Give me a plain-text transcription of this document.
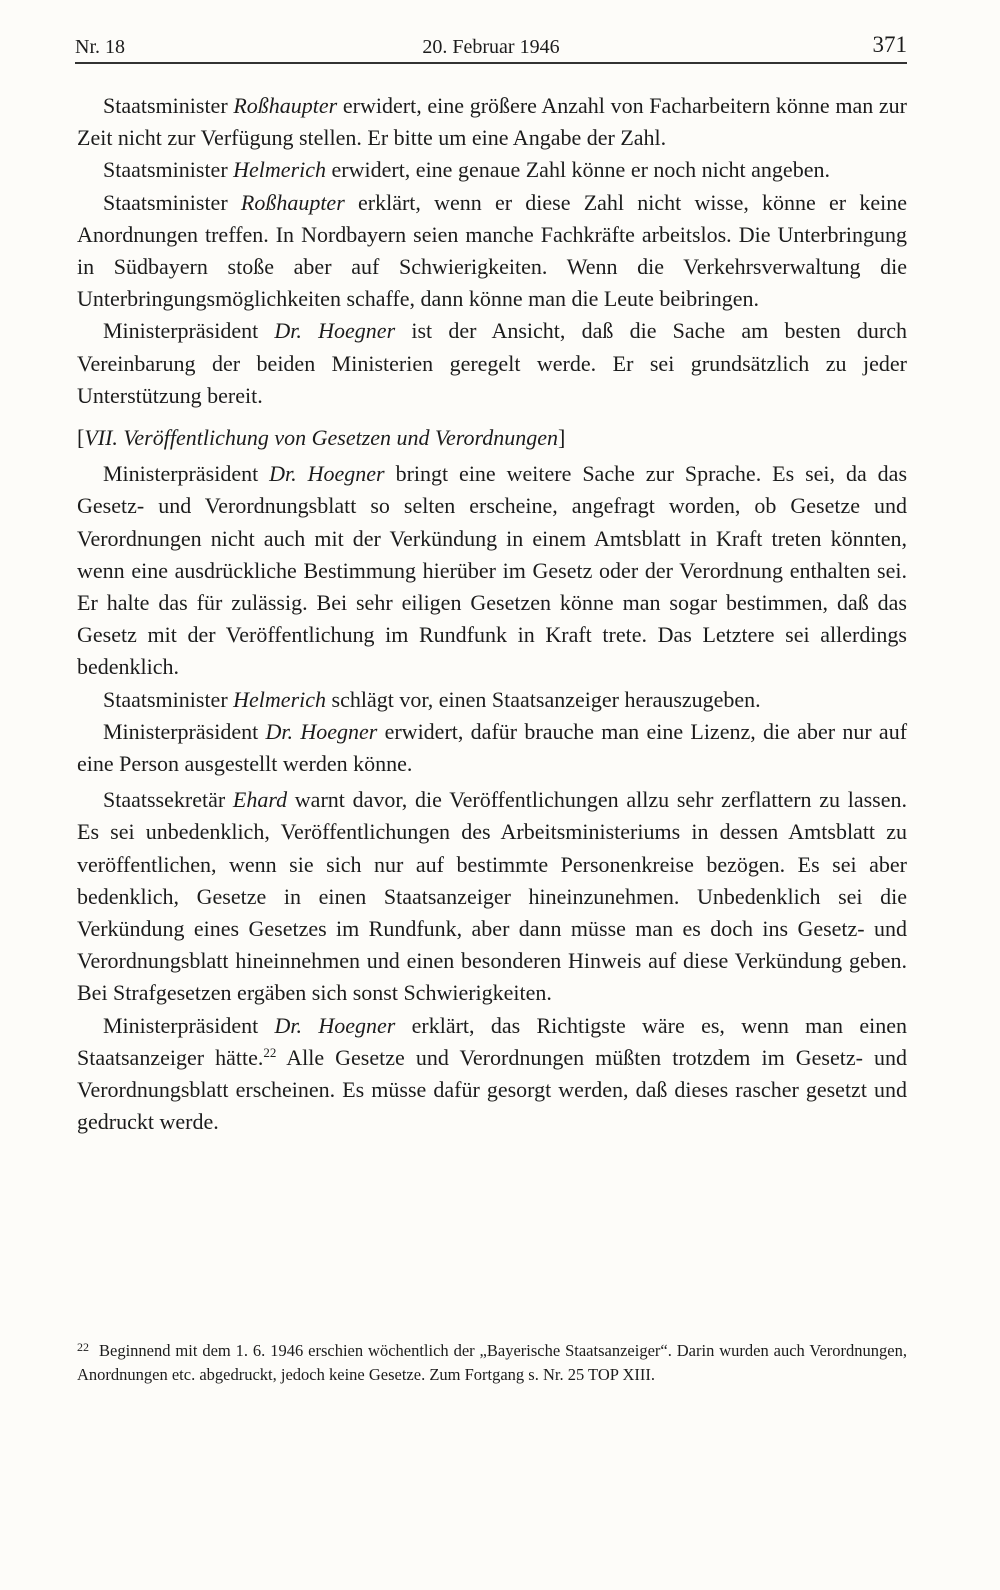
Nr. 18	20. Februar 1946	371

Staatsminister Roßhaupter erwidert, eine größere Anzahl von Facharbeitern könne man zur Zeit nicht zur Verfügung stellen. Er bitte um eine Angabe der Zahl.

Staatsminister Helmerich erwidert, eine genaue Zahl könne er noch nicht angeben.

Staatsminister Roßhaupter erklärt, wenn er diese Zahl nicht wisse, könne er keine Anordnungen treffen. In Nordbayern seien manche Fachkräfte arbeitslos. Die Unterbringung in Südbayern stoße aber auf Schwierigkeiten. Wenn die Verkehrsverwaltung die Unterbringungsmöglichkeiten schaffe, dann könne man die Leute beibringen.

Ministerpräsident Dr. Hoegner ist der Ansicht, daß die Sache am besten durch Vereinbarung der beiden Ministerien geregelt werde. Er sei grundsätzlich zu jeder Unterstützung bereit.

[VII. Veröffentlichung von Gesetzen und Verordnungen]

Ministerpräsident Dr. Hoegner bringt eine weitere Sache zur Sprache. Es sei, da das Gesetz- und Verordnungsblatt so selten erscheine, angefragt worden, ob Gesetze und Verordnungen nicht auch mit der Verkündung in einem Amtsblatt in Kraft treten könnten, wenn eine ausdrückliche Bestimmung hierüber im Gesetz oder der Verordnung enthalten sei. Er halte das für zulässig. Bei sehr eiligen Gesetzen könne man sogar bestimmen, daß das Gesetz mit der Veröffentlichung im Rundfunk in Kraft trete. Das Letztere sei allerdings bedenklich.

Staatsminister Helmerich schlägt vor, einen Staatsanzeiger herauszugeben.

Ministerpräsident Dr. Hoegner erwidert, dafür brauche man eine Lizenz, die aber nur auf eine Person ausgestellt werden könne.

Staatssekretär Ehard warnt davor, die Veröffentlichungen allzu sehr zerflattern zu lassen. Es sei unbedenklich, Veröffentlichungen des Arbeitsministeriums in dessen Amtsblatt zu veröffentlichen, wenn sie sich nur auf bestimmte Personenkreise bezögen. Es sei aber bedenklich, Gesetze in einen Staatsanzeiger hineinzunehmen. Unbedenklich sei die Verkündung eines Gesetzes im Rundfunk, aber dann müsse man es doch ins Gesetz- und Verordnungsblatt hineinnehmen und einen besonderen Hinweis auf diese Verkündung geben. Bei Strafgesetzen ergäben sich sonst Schwierigkeiten.

Ministerpräsident Dr. Hoegner erklärt, das Richtigste wäre es, wenn man einen Staatsanzeiger hätte.$^{22}$ Alle Gesetze und Verordnungen müßten trotzdem im Gesetz- und Verordnungsblatt erscheinen. Es müsse dafür gesorgt werden, daß dieses rascher gesetzt und gedruckt werde.

$^{22}$ Beginnend mit dem 1. 6. 1946 erschien wöchentlich der „Bayerische Staatsanzeiger“. Darin wurden auch Verordnungen, Anordnungen etc. abgedruckt, jedoch keine Gesetze. Zum Fortgang s. Nr. 25 TOP XIII.
